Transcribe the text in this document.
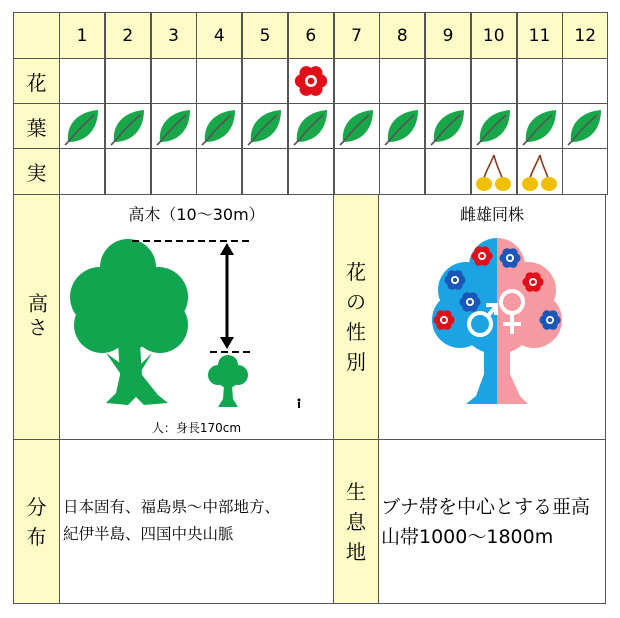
花
葉
実
高さ
花
の
性
別
分
布
生
息
地
1 2 3 4 5 6 7 8 9 10 11 12
高木（10〜30m）
人：身長170cm
雌雄同株
日本固有、福島県〜中部地方、
紀伊半島、四国中央山脈
ブナ帯を中心とする亜高
山帯1000〜1800m
